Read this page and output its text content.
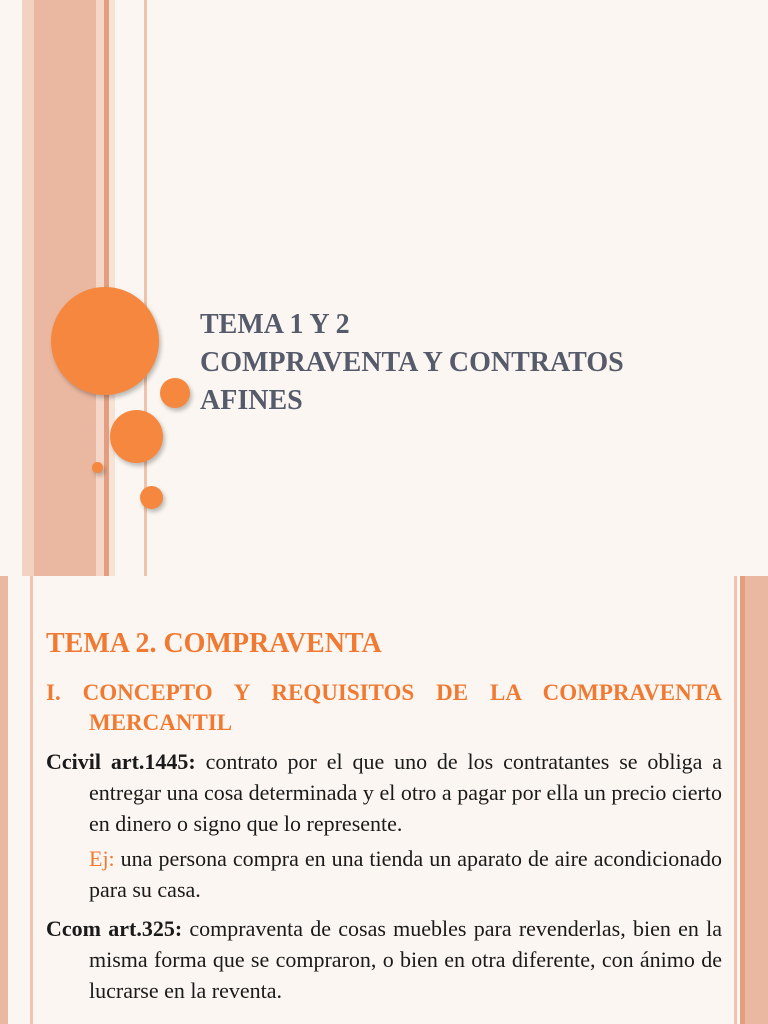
TEMA 1 Y 2
COMPRAVENTA Y CONTRATOS
AFINES
TEMA 2. COMPRAVENTA
I. CONCEPTO Y REQUISITOS DE LA COMPRAVENTA MERCANTIL
Ccivil art.1445: contrato por el que uno de los contratantes se obliga a entregar una cosa determinada y el otro a pagar por ella un precio cierto en dinero o signo que lo represente.
Ej: una persona compra en una tienda un aparato de aire acondicionado para su casa.
Ccom art.325: compraventa de cosas muebles para revenderlas, bien en la misma forma que se compraron, o bien en otra diferente, con ánimo de lucrarse en la reventa.
